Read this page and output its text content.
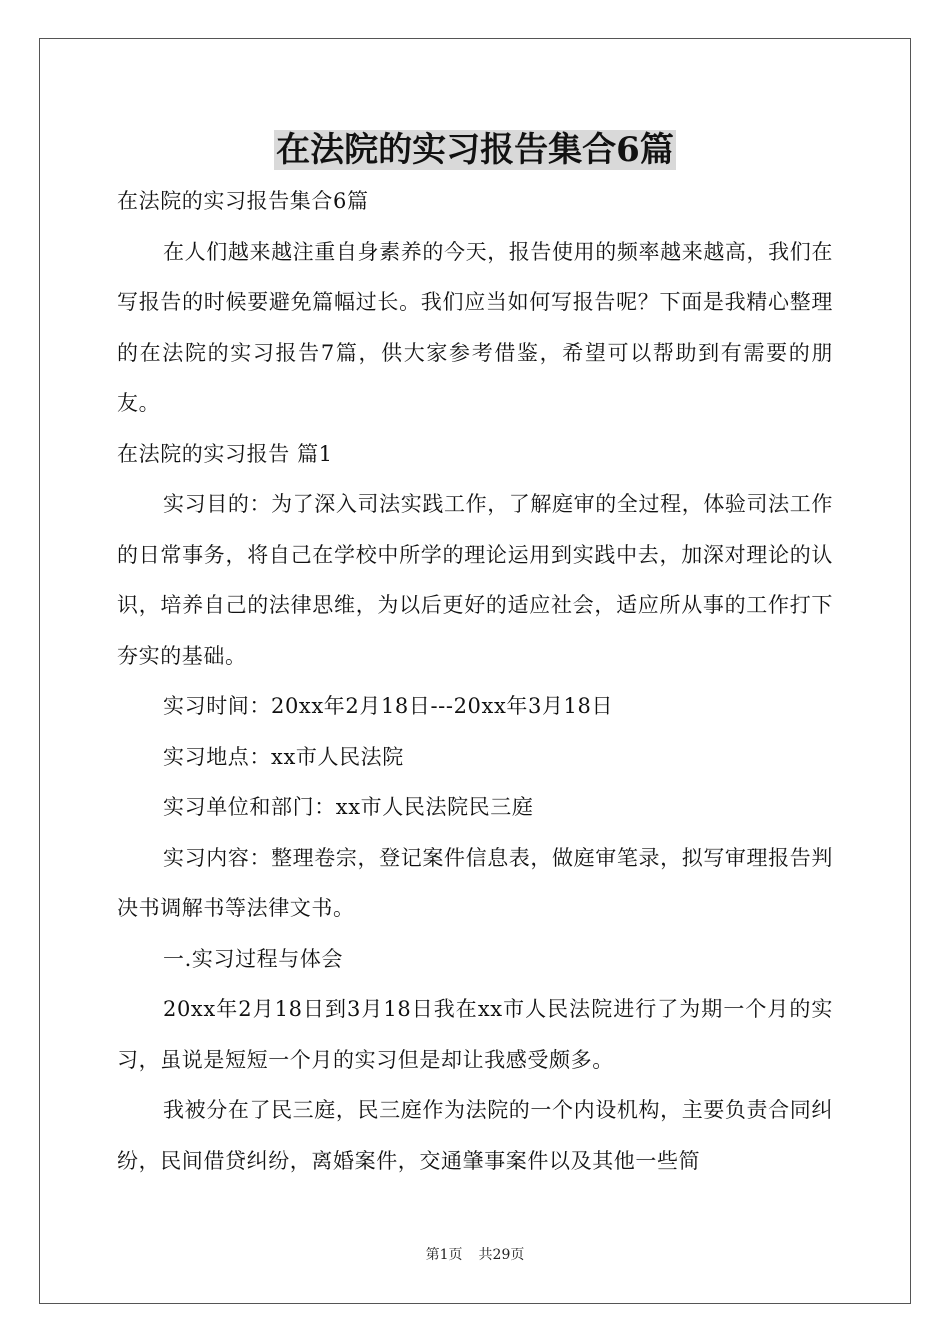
在法院的实习报告集合6篇
在法院的实习报告集合6篇
在人们越来越注重自身素养的今天，报告使用的频率越来越高，我们在写报告的时候要避免篇幅过长。我们应当如何写报告呢？下面是我精心整理的在法院的实习报告7篇，供大家参考借鉴，希望可以帮助到有需要的朋友。
在法院的实习报告 篇1
实习目的：为了深入司法实践工作，了解庭审的全过程，体验司法工作的日常事务，将自己在学校中所学的理论运用到实践中去，加深对理论的认识，培养自己的法律思维，为以后更好的适应社会，适应所从事的工作打下夯实的基础。
实习时间：20xx年2月18日---20xx年3月18日
实习地点：xx市人民法院
实习单位和部门：xx市人民法院民三庭
实习内容：整理卷宗，登记案件信息表，做庭审笔录，拟写审理报告判决书调解书等法律文书。
一.实习过程与体会
20xx年2月18日到3月18日我在xx市人民法院进行了为期一个月的实习，虽说是短短一个月的实习但是却让我感受颇多。
我被分在了民三庭，民三庭作为法院的一个内设机构，主要负责合同纠纷，民间借贷纠纷，离婚案件，交通肇事案件以及其他一些简
第1页 共29页
